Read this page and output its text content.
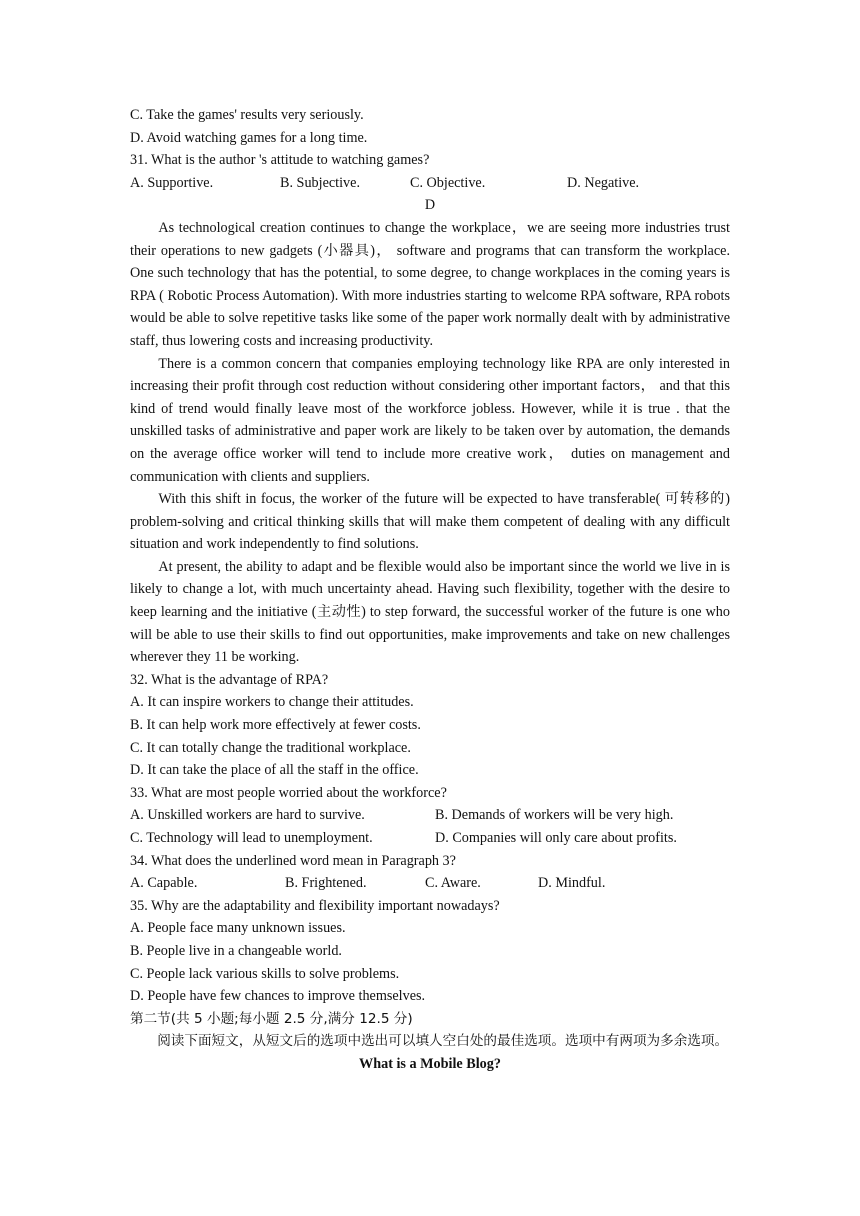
C. Take the games' results very seriously.
D. Avoid watching games for a long time.
31. What is the author 's attitude to watching games?
A. Supportive.	B. Subjective.	C. Objective.	D. Negative.
D

As technological creation continues to change the workplace，we are seeing more industries trust their operations to new gadgets (小器具)， software and programs that can transform the workplace. One such technology that has the potential, to some degree, to change workplaces in the coming years is RPA ( Robotic Process Automation). With more industries starting to welcome RPA software, RPA robots would be able to solve repetitive tasks like some of the paper work normally dealt with by administrative staff, thus lowering costs and increasing productivity.

There is a common concern that companies employing technology like RPA are only interested in increasing their profit through cost reduction without considering other important factors， and that this kind of trend would finally leave most of the workforce jobless. However, while it is true . that the unskilled tasks of administrative and paper work are likely to be taken over by automation, the demands on the average office worker will tend to include more creative work， duties on management and communication with clients and suppliers.

With this shift in focus, the worker of the future will be expected to have transferable( 可转移的) problem-solving and critical thinking skills that will make them competent of dealing with any difficult situation and work independently to find solutions.

At present, the ability to adapt and be flexible would also be important since the world we live in is likely to change a lot, with much uncertainty ahead. Having such flexibility, together with the desire to keep learning and the initiative (主动性) to step forward, the successful worker of the future is one who will be able to use their skills to find out opportunities, make improvements and take on new challenges wherever they 11 be working.

32. What is the advantage of RPA?
A. It can inspire workers to change their attitudes.
B. It can help work more effectively at fewer costs.
C. It can totally change the traditional workplace.
D. It can take the place of all the staff in the office.
33. What are most people worried about the workforce?
A. Unskilled workers are hard to survive.	B. Demands of workers will be very high.
C. Technology will lead to unemployment.	D. Companies will only care about profits.
34. What does the underlined word mean in Paragraph 3?
A. Capable.	B. Frightened.	C. Aware.	D. Mindful.
35. Why are the adaptability and flexibility important nowadays?
A. People face many unknown issues.
B. People live in a changeable world.
C. People lack various skills to solve problems.
D. People have few chances to improve themselves.
第二节(共 5 小题;每小题 2.5 分,满分 12.5 分)

阅读下面短文，从短文后的选项中选出可以填人空白处的最佳选项。选项中有两项为多余选项。

What is a Mobile Blog?
